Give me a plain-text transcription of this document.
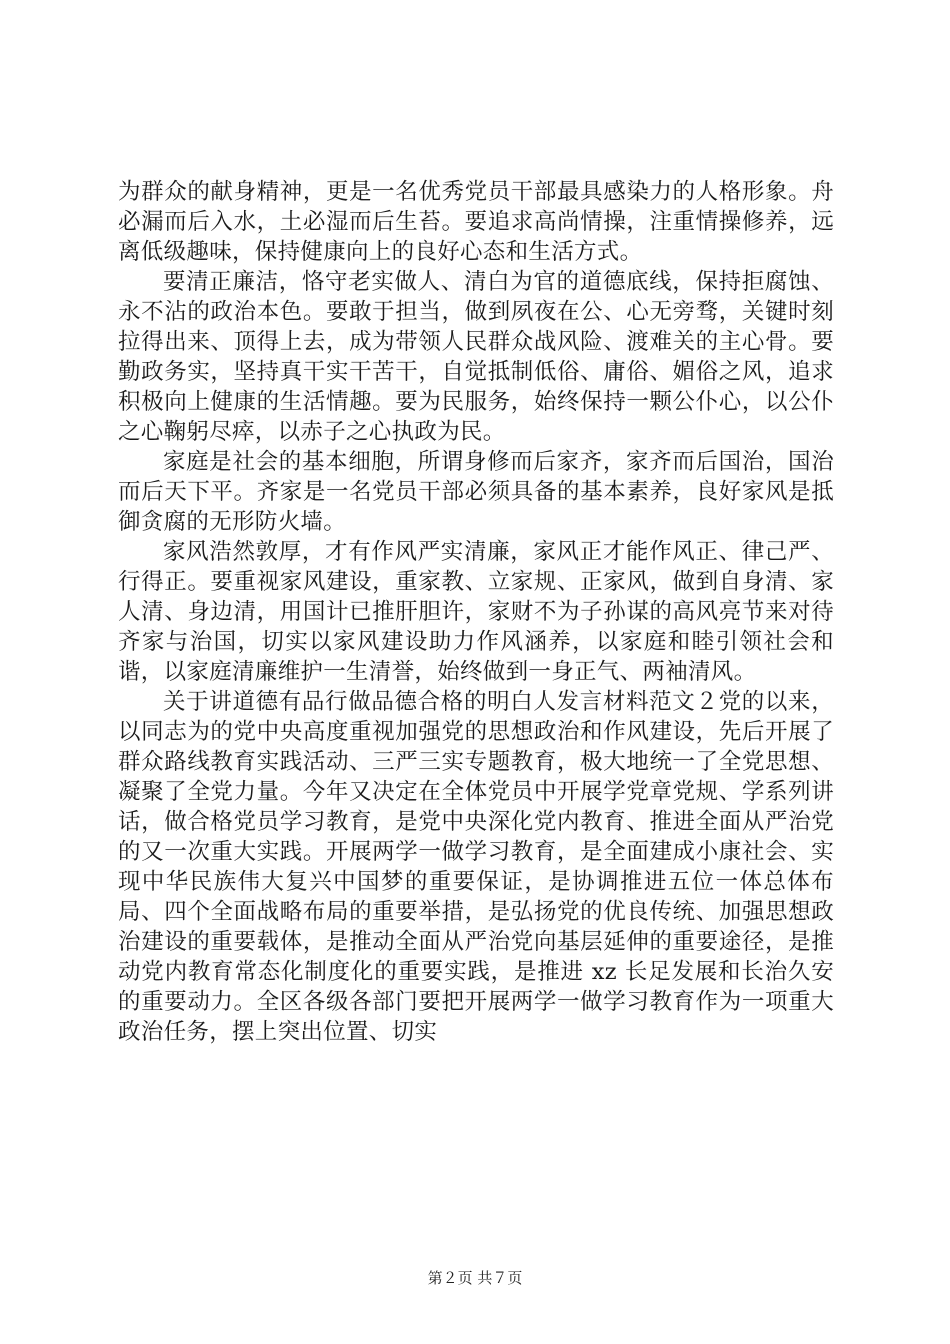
为群众的献身精神，更是一名优秀党员干部最具感染力的人格形象。舟必漏而后入水，土必湿而后生苔。要追求高尚情操，注重情操修养，远离低级趣味，保持健康向上的良好心态和生活方式。

要清正廉洁，恪守老实做人、清白为官的道德底线，保持拒腐蚀、永不沾的政治本色。要敢于担当，做到夙夜在公、心无旁骛，关键时刻拉得出来、顶得上去，成为带领人民群众战风险、渡难关的主心骨。要勤政务实，坚持真干实干苦干，自觉抵制低俗、庸俗、媚俗之风，追求积极向上健康的生活情趣。要为民服务，始终保持一颗公仆心，以公仆之心鞠躬尽瘁，以赤子之心执政为民。

家庭是社会的基本细胞，所谓身修而后家齐，家齐而后国治，国治而后天下平。齐家是一名党员干部必须具备的基本素养，良好家风是抵御贪腐的无形防火墙。

家风浩然敦厚，才有作风严实清廉，家风正才能作风正、律己严、行得正。要重视家风建设，重家教、立家规、正家风，做到自身清、家人清、身边清，用国计已推肝胆许，家财不为子孙谋的高风亮节来对待齐家与治国，切实以家风建设助力作风涵养，以家庭和睦引领社会和谐，以家庭清廉维护一生清誉，始终做到一身正气、两袖清风。

关于讲道德有品行做品德合格的明白人发言材料范文２党的以来，以同志为的党中央高度重视加强党的思想政治和作风建设，先后开展了群众路线教育实践活动、三严三实专题教育，极大地统一了全党思想、凝聚了全党力量。今年又决定在全体党员中开展学党章党规、学系列讲话，做合格党员学习教育，是党中央深化党内教育、推进全面从严治党的又一次重大实践。开展两学一做学习教育，是全面建成小康社会、实现中华民族伟大复兴中国梦的重要保证，是协调推进五位一体总体布局、四个全面战略布局的重要举措，是弘扬党的优良传统、加强思想政治建设的重要载体，是推动全面从严治党向基层延伸的重要途径，是推动党内教育常态化制度化的重要实践，是推进 xz 长足发展和长治久安的重要动力。全区各级各部门要把开展两学一做学习教育作为一项重大政治任务，摆上突出位置、切实

第２页 共７页
